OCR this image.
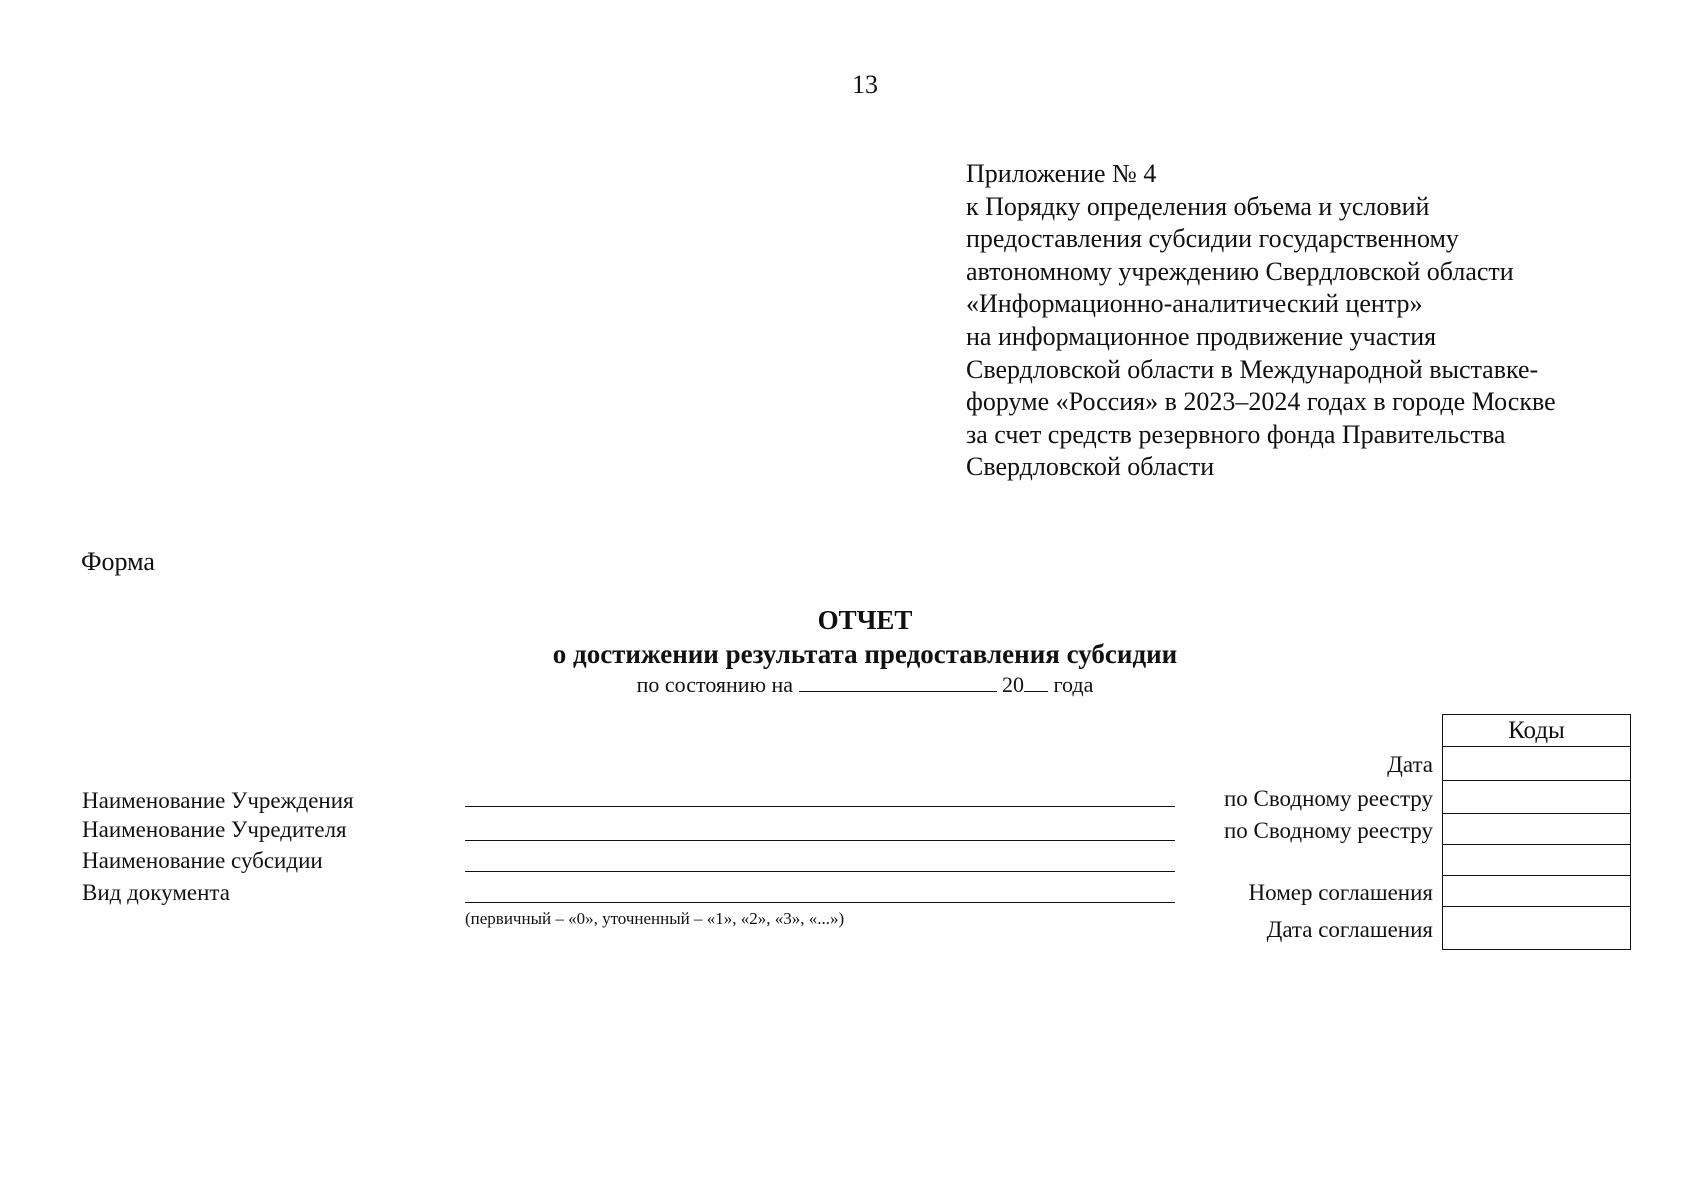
13
Приложение № 4
к Порядку определения объема и условий
предоставления субсидии государственному
автономному учреждению Свердловской области
«Информационно-аналитический центр»
на информационное продвижение участия
Свердловской области в Международной выставке-
форуме «Россия» в 2023–2024 годах в городе Москве
за счет средств резервного фонда Правительства
Свердловской области
Форма
ОТЧЕТ
о достижении результата предоставления субсидии
по состоянию на	20 года
Наименование Учреждения
Наименование Учредителя
Наименование субсидии
Вид документа
(первичный – «0», уточненный – «1», «2», «3», «...»)
Дата
по Сводному реестру
по Сводному реестру
Номер соглашения
Дата соглашения
Коды
